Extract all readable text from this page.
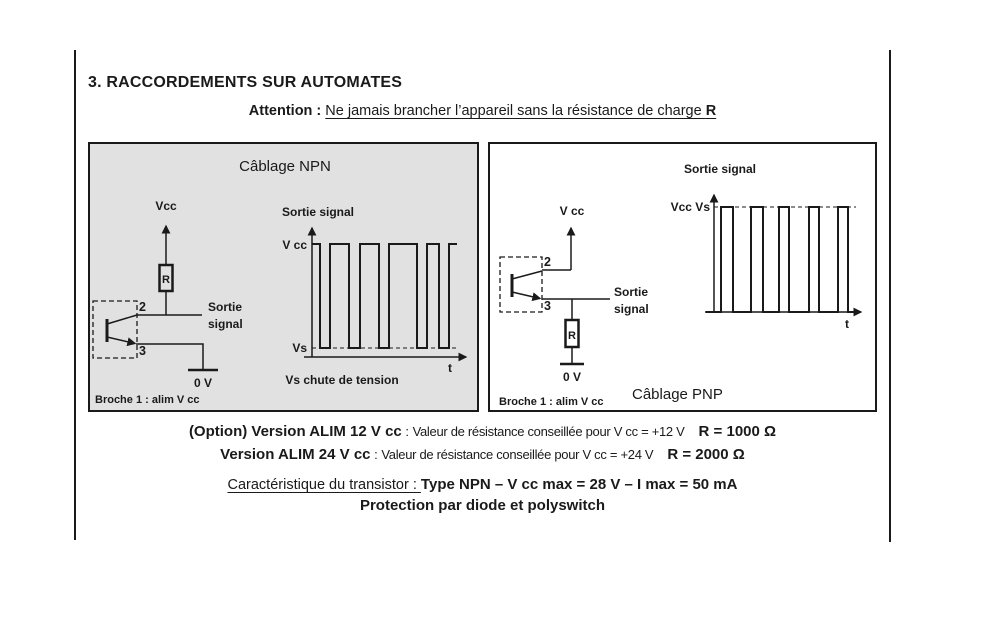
3. RACCORDEMENTS SUR AUTOMATES
Attention : Ne jamais brancher l’appareil sans la résistance de charge R
Câblage NPN
Vcc
R
2
3
Sortie
signal
0 V
Sortie signal
V cc
Vs
t
Vs chute de tension
Broche 1 : alim V cc
V cc
2
3
Sortie
signal
R
0 V
Sortie signal
Vcc Vs
t
Câblage PNP
Broche 1 : alim V cc
(Option) Version ALIM 12 V cc : Valeur de résistance conseillée pour V cc = +12 V R = 1000 Ω
Version ALIM 24 V cc : Valeur de résistance conseillée pour V cc = +24 V R = 2000 Ω
Caractéristique du transistor : Type NPN – V cc max = 28 V – I max = 50 mA
Protection par diode et polyswitch
